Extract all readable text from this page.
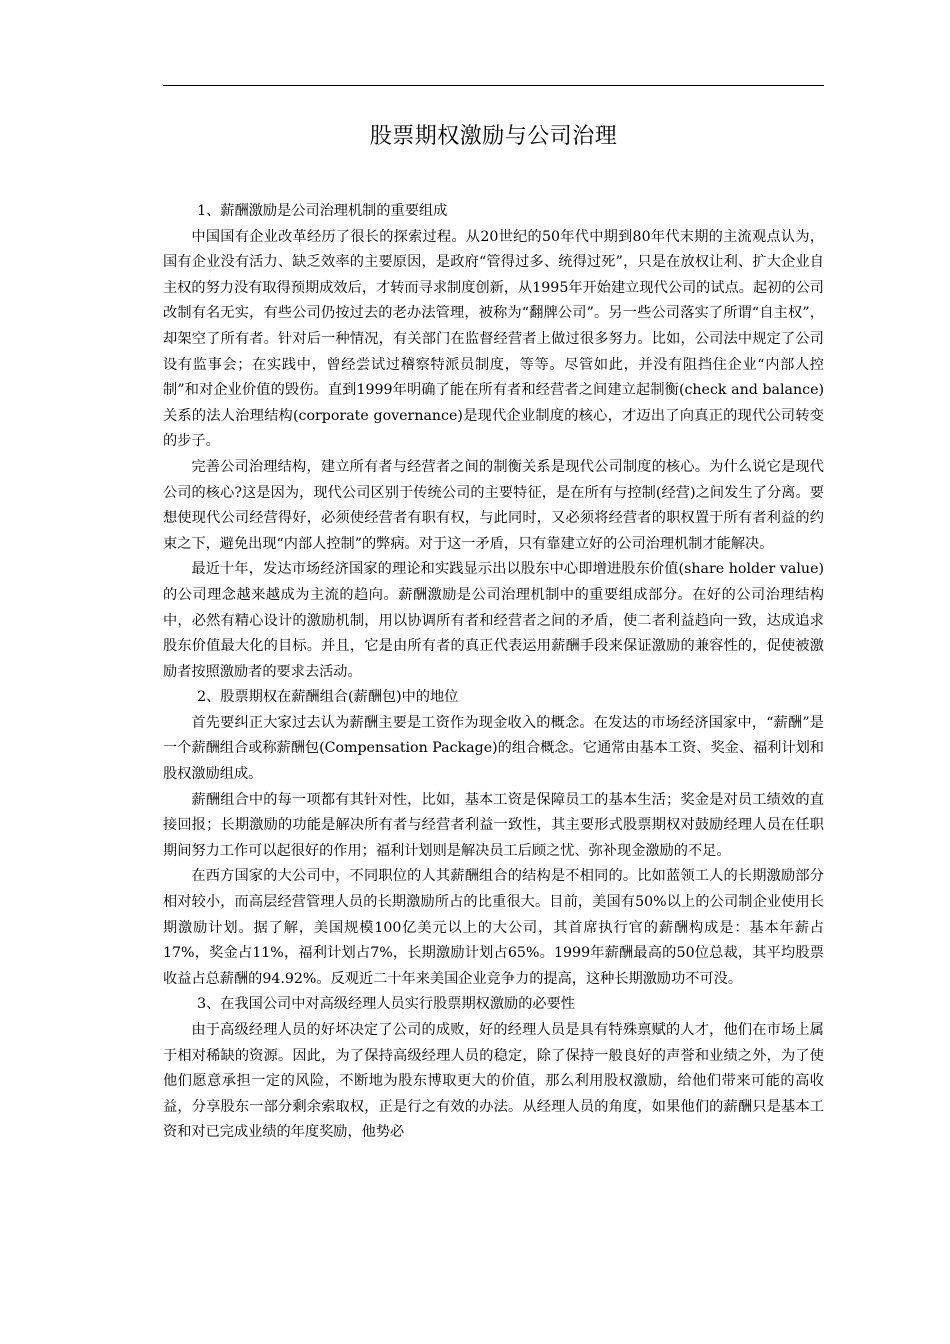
股票期权激励与公司治理

1、薪酬激励是公司治理机制的重要组成

中国国有企业改革经历了很长的探索过程。从20世纪的50年代中期到80年代末期的主流观点认为，国有企业没有活力、缺乏效率的主要原因，是政府“管得过多、统得过死”，只是在放权让利、扩大企业自主权的努力没有取得预期成效后，才转而寻求制度创新，从1995年开始建立现代公司的试点。起初的公司改制有名无实，有些公司仍按过去的老办法管理，被称为“翻牌公司”。另一些公司落实了所谓“自主权”，却架空了所有者。针对后一种情况，有关部门在监督经营者上做过很多努力。比如，公司法中规定了公司设有监事会；在实践中，曾经尝试过稽察特派员制度，等等。尽管如此，并没有阻挡住企业“内部人控制”和对企业价值的毁伤。直到1999年明确了能在所有者和经营者之间建立起制衡(check and balance)关系的法人治理结构(corporate governance)是现代企业制度的核心，才迈出了向真正的现代公司转变的步子。

完善公司治理结构，建立所有者与经营者之间的制衡关系是现代公司制度的核心。为什么说它是现代公司的核心?这是因为，现代公司区别于传统公司的主要特征，是在所有与控制(经营)之间发生了分离。要想使现代公司经营得好，必须使经营者有职有权，与此同时，又必须将经营者的职权置于所有者利益的约束之下，避免出现“内部人控制”的弊病。对于这一矛盾，只有靠建立好的公司治理机制才能解决。

最近十年，发达市场经济国家的理论和实践显示出以股东中心即增进股东价值(share holder value)的公司理念越来越成为主流的趋向。薪酬激励是公司治理机制中的重要组成部分。在好的公司治理结构中，必然有精心设计的激励机制，用以协调所有者和经营者之间的矛盾，使二者利益趋向一致，达成追求股东价值最大化的目标。并且，它是由所有者的真正代表运用薪酬手段来保证激励的兼容性的，促使被激励者按照激励者的要求去活动。

2、股票期权在薪酬组合(薪酬包)中的地位

首先要纠正大家过去认为薪酬主要是工资作为现金收入的概念。在发达的市场经济国家中，“薪酬”是一个薪酬组合或称薪酬包(Compensation Package)的组合概念。它通常由基本工资、奖金、福利计划和股权激励组成。

薪酬组合中的每一项都有其针对性，比如，基本工资是保障员工的基本生活；奖金是对员工绩效的直接回报；长期激励的功能是解决所有者与经营者利益一致性，其主要形式股票期权对鼓励经理人员在任职期间努力工作可以起很好的作用；福利计划则是解决员工后顾之忧、弥补现金激励的不足。

在西方国家的大公司中，不同职位的人其薪酬组合的结构是不相同的。比如蓝领工人的长期激励部分相对较小，而高层经营管理人员的长期激励所占的比重很大。目前，美国有50%以上的公司制企业使用长期激励计划。据了解，美国规模100亿美元以上的大公司，其首席执行官的薪酬构成是：基本年薪占17%，奖金占11%，福利计划占7%，长期激励计划占65%。1999年薪酬最高的50位总裁，其平均股票收益占总薪酬的94.92%。反观近二十年来美国企业竞争力的提高，这种长期激励功不可没。

3、在我国公司中对高级经理人员实行股票期权激励的必要性

由于高级经理人员的好坏决定了公司的成败，好的经理人员是具有特殊禀赋的人才，他们在市场上属于相对稀缺的资源。因此，为了保持高级经理人员的稳定，除了保持一般良好的声誉和业绩之外，为了使他们愿意承担一定的风险，不断地为股东博取更大的价值，那么利用股权激励，给他们带来可能的高收益，分享股东一部分剩余索取权，正是行之有效的办法。从经理人员的角度，如果他们的薪酬只是基本工资和对已完成业绩的年度奖励，他势必
